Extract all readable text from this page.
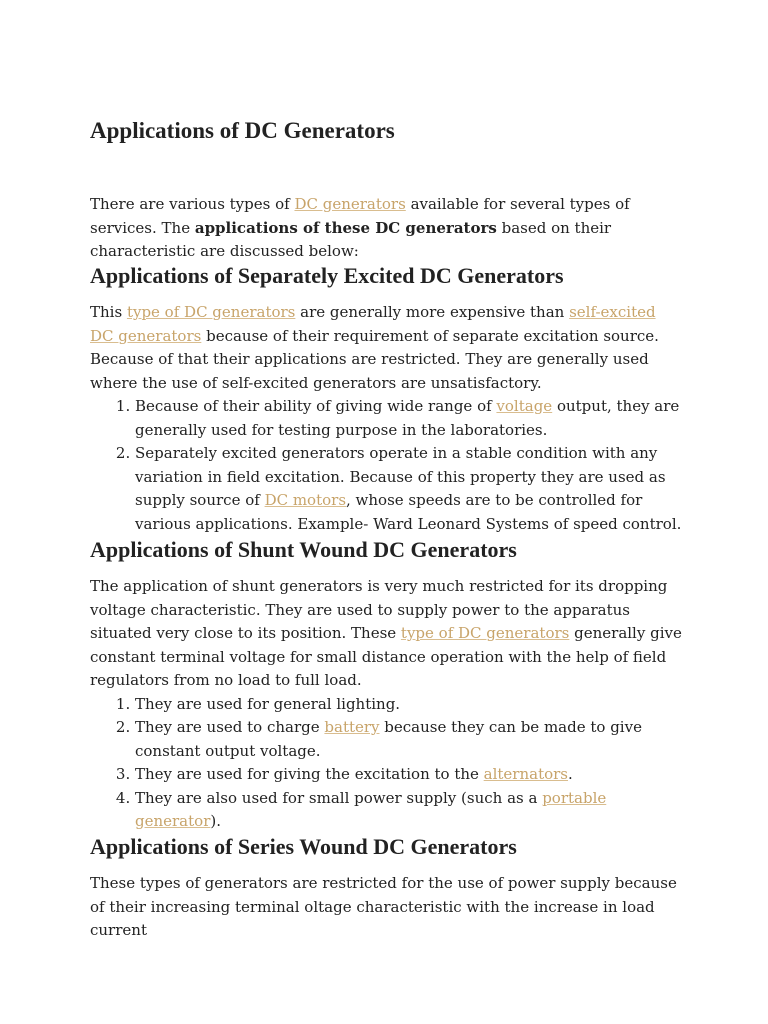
Applications of DC Generators

There are various types of DC generators available for several types of services. The applications of these DC generators based on their characteristic are discussed below:

Applications of Separately Excited DC Generators

This type of DC generators are generally more expensive than self-excited DC generators because of their requirement of separate excitation source. Because of that their applications are restricted. They are generally used where the use of self-excited generators are unsatisfactory.

1. Because of their ability of giving wide range of voltage output, they are generally used for testing purpose in the laboratories.
2. Separately excited generators operate in a stable condition with any variation in field excitation. Because of this property they are used as supply source of DC motors, whose speeds are to be controlled for various applications. Example- Ward Leonard Systems of speed control.
Applications of Shunt Wound DC Generators

The application of shunt generators is very much restricted for its dropping voltage characteristic. They are used to supply power to the apparatus situated very close to its position. These type of DC generators generally give constant terminal voltage for small distance operation with the help of field regulators from no load to full load.

1. They are used for general lighting.
2. They are used to charge battery because they can be made to give constant output voltage.
3. They are used for giving the excitation to the alternators.
4. They are also used for small power supply (such as a portable generator).
Applications of Series Wound DC Generators

These types of generators are restricted for the use of power supply because of their increasing terminal oltage characteristic with the increase in load current
